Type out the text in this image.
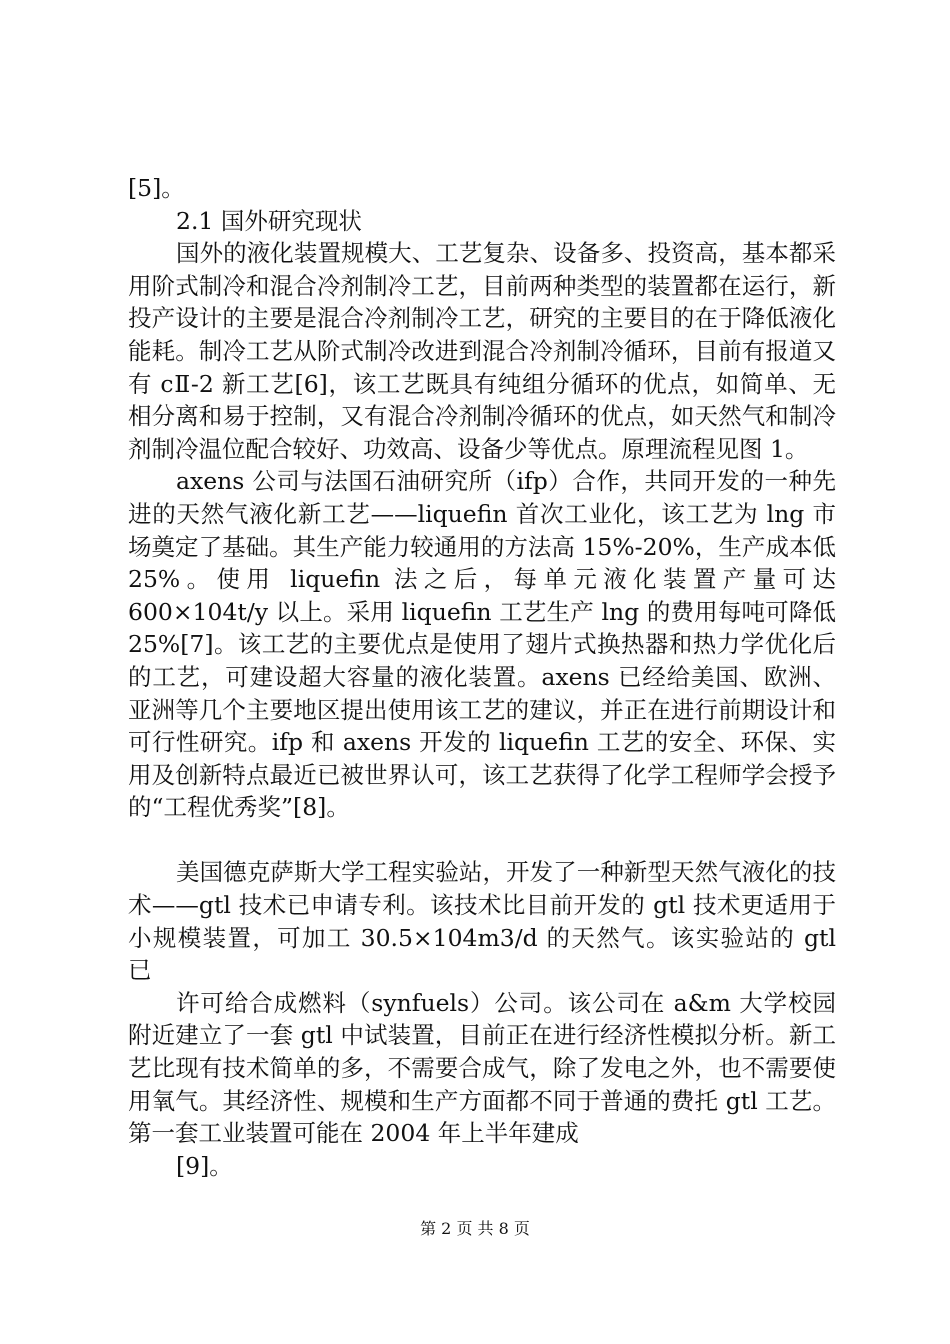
[5]。

2.1 国外研究现状

国外的液化装置规模大、工艺复杂、设备多、投资高，基本都采用阶式制冷和混合冷剂制冷工艺，目前两种类型的装置都在运行，新投产设计的主要是混合冷剂制冷工艺，研究的主要目的在于降低液化能耗。制冷工艺从阶式制冷改进到混合冷剂制冷循环，目前有报道又有 cⅡ-2 新工艺[6]，该工艺既具有纯组分循环的优点，如简单、无相分离和易于控制，又有混合冷剂制冷循环的优点，如天然气和制冷剂制冷温位配合较好、功效高、设备少等优点。原理流程见图 1。

axens 公司与法国石油研究所（ifp）合作，共同开发的一种先进的天然气液化新工艺——liquefin 首次工业化，该工艺为 lng 市场奠定了基础。其生产能力较通用的方法高 15%-20%，生产成本低 25%。使用 liquefin 法之后，每单元液化装置产量可达 600×104t/y 以上。采用 liquefin 工艺生产 lng 的费用每吨可降低 25%[7]。该工艺的主要优点是使用了翅片式换热器和热力学优化后的工艺，可建设超大容量的液化装置。axens 已经给美国、欧洲、亚洲等几个主要地区提出使用该工艺的建议，并正在进行前期设计和可行性研究。ifp 和 axens 开发的 liquefin 工艺的安全、环保、实用及创新特点最近已被世界认可，该工艺获得了化学工程师学会授予的“工程优秀奖”[8]。

美国德克萨斯大学工程实验站，开发了一种新型天然气液化的技术——gtl 技术已申请专利。该技术比目前开发的 gtl 技术更适用于小规模装置，可加工 30.5×104m3/d 的天然气。该实验站的 gtl 已

许可给合成燃料（synfuels）公司。该公司在 a&m 大学校园附近建立了一套 gtl 中试装置，目前正在进行经济性模拟分析。新工艺比现有技术简单的多，不需要合成气，除了发电之外，也不需要使用氧气。其经济性、规模和生产方面都不同于普通的费托 gtl 工艺。第一套工业装置可能在 2004 年上半年建成

[9]。

第 2 页 共 8 页
